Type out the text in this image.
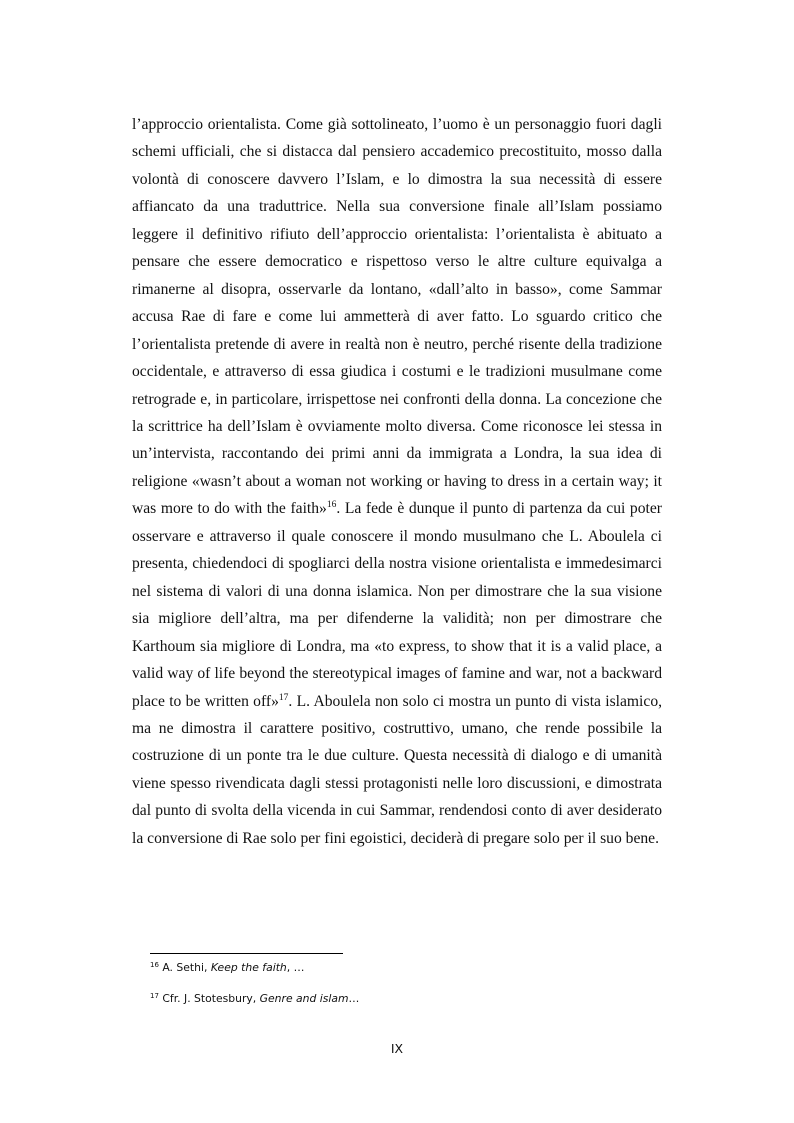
l’approccio orientalista. Come già sottolineato, l’uomo è un personaggio fuori dagli schemi ufficiali, che si distacca dal pensiero accademico precostituito, mosso dalla volontà di conoscere davvero l’Islam, e lo dimostra la sua necessità di essere affiancato da una traduttrice. Nella sua conversione finale all’Islam possiamo leggere il definitivo rifiuto dell’approccio orientalista: l’orientalista è abituato a pensare che essere democratico e rispettoso verso le altre culture equivalga a rimanerne al disopra, osservarle da lontano, «dall’alto in basso», come Sammar accusa Rae di fare e come lui ammetterà di aver fatto. Lo sguardo critico che l’orientalista pretende di avere in realtà non è neutro, perché risente della tradizione occidentale, e attraverso di essa giudica i costumi e le tradizioni musulmane come retrograde e, in particolare, irrispettose nei confronti della donna. La concezione che la scrittrice ha dell’Islam è ovviamente molto diversa. Come riconosce lei stessa in un’intervista, raccontando dei primi anni da immigrata a Londra, la sua idea di religione «wasn’t about a woman not working or having to dress in a certain way; it was more to do with the faith»$^{16}$. La fede è dunque il punto di partenza da cui poter osservare e attraverso il quale conoscere il mondo musulmano che L. Aboulela ci presenta, chiedendoci di spogliarci della nostra visione orientalista e immedesimarci nel sistema di valori di una donna islamica. Non per dimostrare che la sua visione sia migliore dell’altra, ma per difenderne la validità; non per dimostrare che Karthoum sia migliore di Londra, ma «to express, to show that it is a valid place, a valid way of life beyond the stereotypical images of famine and war, not a backward place to be written off»$^{17}$. L. Aboulela non solo ci mostra un punto di vista islamico, ma ne dimostra il carattere positivo, costruttivo, umano, che rende possibile la costruzione di un ponte tra le due culture. Questa necessità di dialogo e di umanità viene spesso rivendicata dagli stessi protagonisti nelle loro discussioni, e dimostrata dal punto di svolta della vicenda in cui Sammar, rendendosi conto di aver desiderato la conversione di Rae solo per fini egoistici, deciderà di pregare solo per il suo bene.

$^{16}$ A. Sethi, Keep the faith, …

$^{17}$ Cfr. J. Stotesbury, Genre and islam…

IX
